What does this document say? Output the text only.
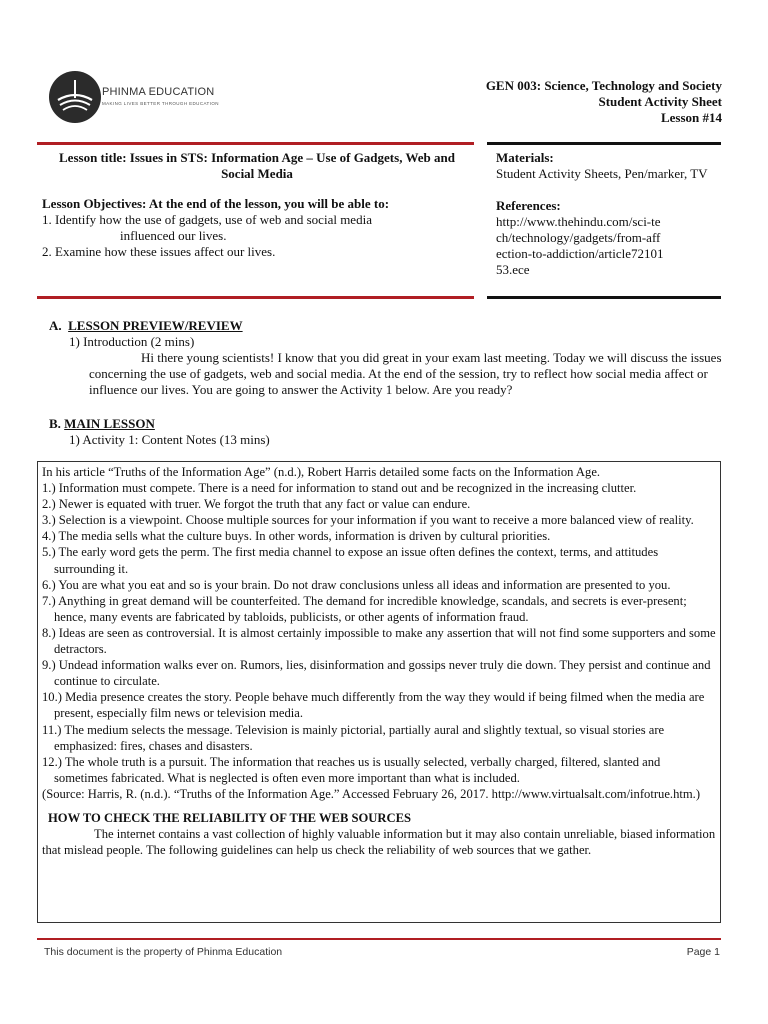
PHINMA EDUCATION
MAKING LIVES BETTER THROUGH EDUCATION
GEN 003: Science, Technology and Society
Student Activity Sheet
Lesson #14
Lesson title: Issues in STS: Information Age – Use of Gadgets, Web and Social Media
Lesson Objectives: At the end of the lesson, you will be able to:
1. Identify how the use of gadgets, use of web and social media
influenced our lives.
2. Examine how these issues affect our lives.
Materials:
Student Activity Sheets, Pen/marker, TV
References:
http://www.thehindu.com/sci-tech/technology/gadgets/from-affection-to-addiction/article7210153.ece
A. LESSON PREVIEW/REVIEW
1) Introduction (2 mins)
Hi there young scientists! I know that you did great in your exam last meeting. Today we will discuss the issues concerning the use of gadgets, web and social media. At the end of the session, try to reflect how social media affect or influence our lives. You are going to answer the Activity 1 below. Are you ready?
B. MAIN LESSON
1) Activity 1: Content Notes (13 mins)
In his article “Truths of the Information Age” (n.d.), Robert Harris detailed some facts on the Information Age.
1.) Information must compete. There is a need for information to stand out and be recognized in the increasing clutter.
2.) Newer is equated with truer. We forgot the truth that any fact or value can endure.
3.) Selection is a viewpoint. Choose multiple sources for your information if you want to receive a more balanced view of reality.
4.) The media sells what the culture buys. In other words, information is driven by cultural priorities.
5.) The early word gets the perm. The first media channel to expose an issue often defines the context, terms, and attitudes surrounding it.
6.) You are what you eat and so is your brain. Do not draw conclusions unless all ideas and information are presented to you.
7.) Anything in great demand will be counterfeited. The demand for incredible knowledge, scandals, and secrets is ever-present; hence, many events are fabricated by tabloids, publicists, or other agents of information fraud.
8.) Ideas are seen as controversial. It is almost certainly impossible to make any assertion that will not find some supporters and some detractors.
9.) Undead information walks ever on. Rumors, lies, disinformation and gossips never truly die down. They persist and continue and continue to circulate.
10.) Media presence creates the story. People behave much differently from the way they would if being filmed when the media are present, especially film news or television media.
11.) The medium selects the message. Television is mainly pictorial, partially aural and slightly textual, so visual stories are emphasized: fires, chases and disasters.
12.) The whole truth is a pursuit. The information that reaches us is usually selected, verbally charged, filtered, slanted and sometimes fabricated. What is neglected is often even more important than what is included.
(Source: Harris, R. (n.d.). “Truths of the Information Age.” Accessed February 26, 2017. http://www.virtualsalt.com/infotrue.htm.)
HOW TO CHECK THE RELIABILITY OF THE WEB SOURCES
The internet contains a vast collection of highly valuable information but it may also contain unreliable, biased information that mislead people. The following guidelines can help us check the reliability of web sources that we gather.
This document is the property of Phinma Education	Page 1
